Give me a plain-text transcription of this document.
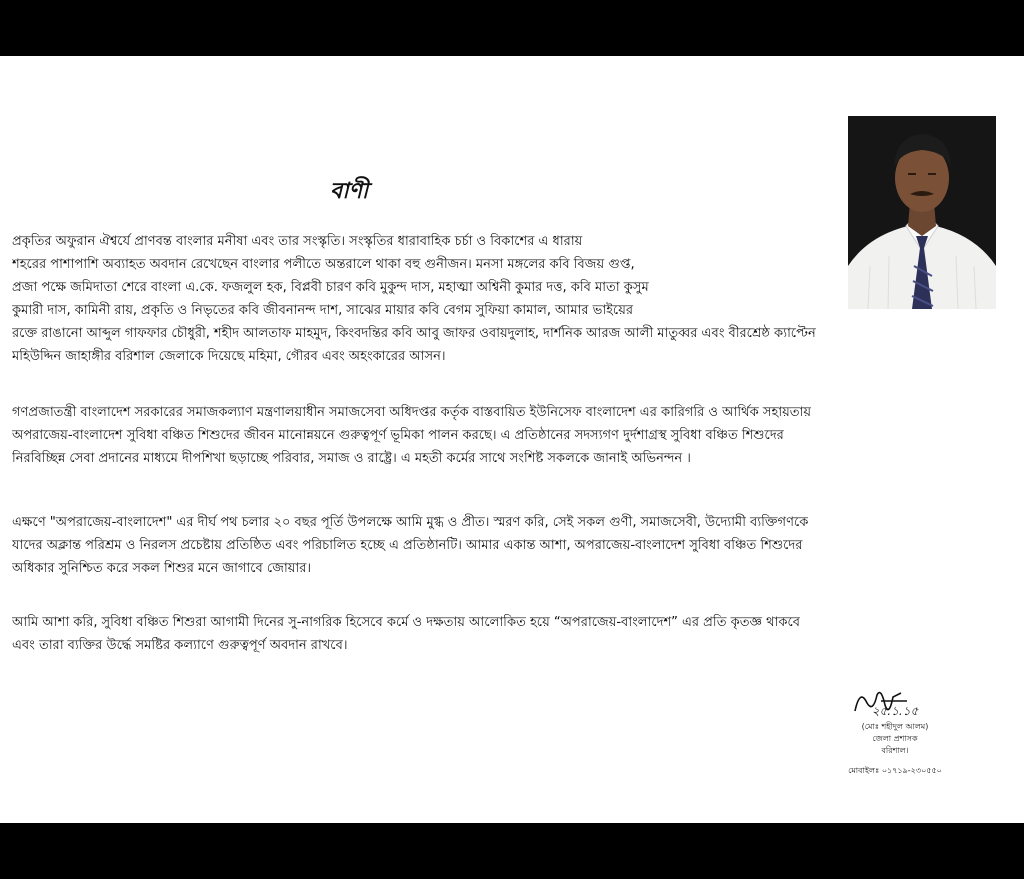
বাণী
প্রকৃতির অফুরান ঐশ্বর্যে প্রাণবন্ত বাংলার মনীষা এবং তার সংস্কৃতি। সংস্কৃতির ধারাবাহিক চর্চা ও বিকাশের এ ধারায়
শহরের পাশাপাশি অব্যাহত অবদান রেখেছেন বাংলার পলীতে অন্তরালে থাকা বহু গুনীজন। মনসা মঙ্গলের কবি বিজয় গুপ্ত,
প্রজা পক্ষে জমিদাতা শেরে বাংলা এ.কে. ফজলুল হক, বিপ্লবী চারণ কবি মুকুন্দ দাস, মহাত্মা অশ্বিনী কুমার দত্ত, কবি মাতা কুসুম
কুমারী দাস, কামিনী রায়, প্রকৃতি ও নিভৃতের কবি জীবনানন্দ দাশ, সাঝের মায়ার কবি বেগম সুফিয়া কামাল, আমার ভাইয়ের
রক্তে রাঙানো আব্দুল গাফফার চৌধুরী, শহীদ আলতাফ মাহমুদ, কিংবদন্তির কবি আবু জাফর ওবায়দুলাহ, দার্শনিক আরজ আলী মাতুব্বর এবং বীরশ্রেষ্ঠ ক্যাপ্টেন
মহিউদ্দিন জাহাঙ্গীর বরিশাল জেলাকে দিয়েছে মহিমা, গৌরব এবং অহংকারের আসন।
গণপ্রজাতন্ত্রী বাংলাদেশ সরকারের সমাজকল্যাণ মন্ত্রণালয়াধীন সমাজসেবা অধিদপ্তর কর্তৃক বাস্তবায়িত ইউনিসেফ বাংলাদেশ এর কারিগরি ও আর্থিক সহায়তায়
অপরাজেয়-বাংলাদেশ সুবিধা বঞ্চিত শিশুদের জীবন মানোন্নয়নে গুরুত্বপূর্ণ ভূমিকা পালন করছে। এ প্রতিষ্ঠানের সদস্যগণ দুর্দশাগ্রস্থ সুবিধা বঞ্চিত শিশুদের
নিরবিচ্ছিন্ন সেবা প্রদানের মাধ্যমে দীপশিখা ছড়াচ্ছে পরিবার, সমাজ ও রাষ্ট্রে। এ মহতী কর্মের সাথে সংশিষ্ট সকলকে জানাই অভিনন্দন ।
এক্ষণে "অপরাজেয়-বাংলাদেশ" এর দীর্ঘ পথ চলার ২০ বছর পূর্তি উপলক্ষে আমি মুগ্ধ ও প্রীত। স্মরণ করি, সেই সকল গুণী, সমাজসেবী, উদ্যোমী ব্যক্তিগণকে
যাদের অক্লান্ত পরিশ্রম ও নিরলস প্রচেষ্টায় প্রতিষ্ঠিত এবং পরিচালিত হচ্ছে এ প্রতিষ্ঠানটি। আমার একান্ত আশা, অপরাজেয়-বাংলাদেশ সুবিধা বঞ্চিত শিশুদের
অধিকার সুনিশ্চিত করে সকল শিশুর মনে জাগাবে জোয়ার।
আমি আশা করি, সুবিধা বঞ্চিত শিশুরা আগামী দিনের সু-নাগরিক হিসেবে কর্মে ও দক্ষতায় আলোকিত হয়ে “অপরাজেয়-বাংলাদেশ” এর প্রতি কৃতজ্ঞ থাকবে
এবং তারা ব্যক্তির উর্দ্ধে সমষ্টির কল্যাণে গুরুত্বপূর্ণ অবদান রাখবে।
২৫.১.১৫
(মোঃ শহীদুল আলম)
জেলা প্রশাসক
বরিশাল।
মোবাইলঃ ০১৭১৯-২৩০৫৫০
